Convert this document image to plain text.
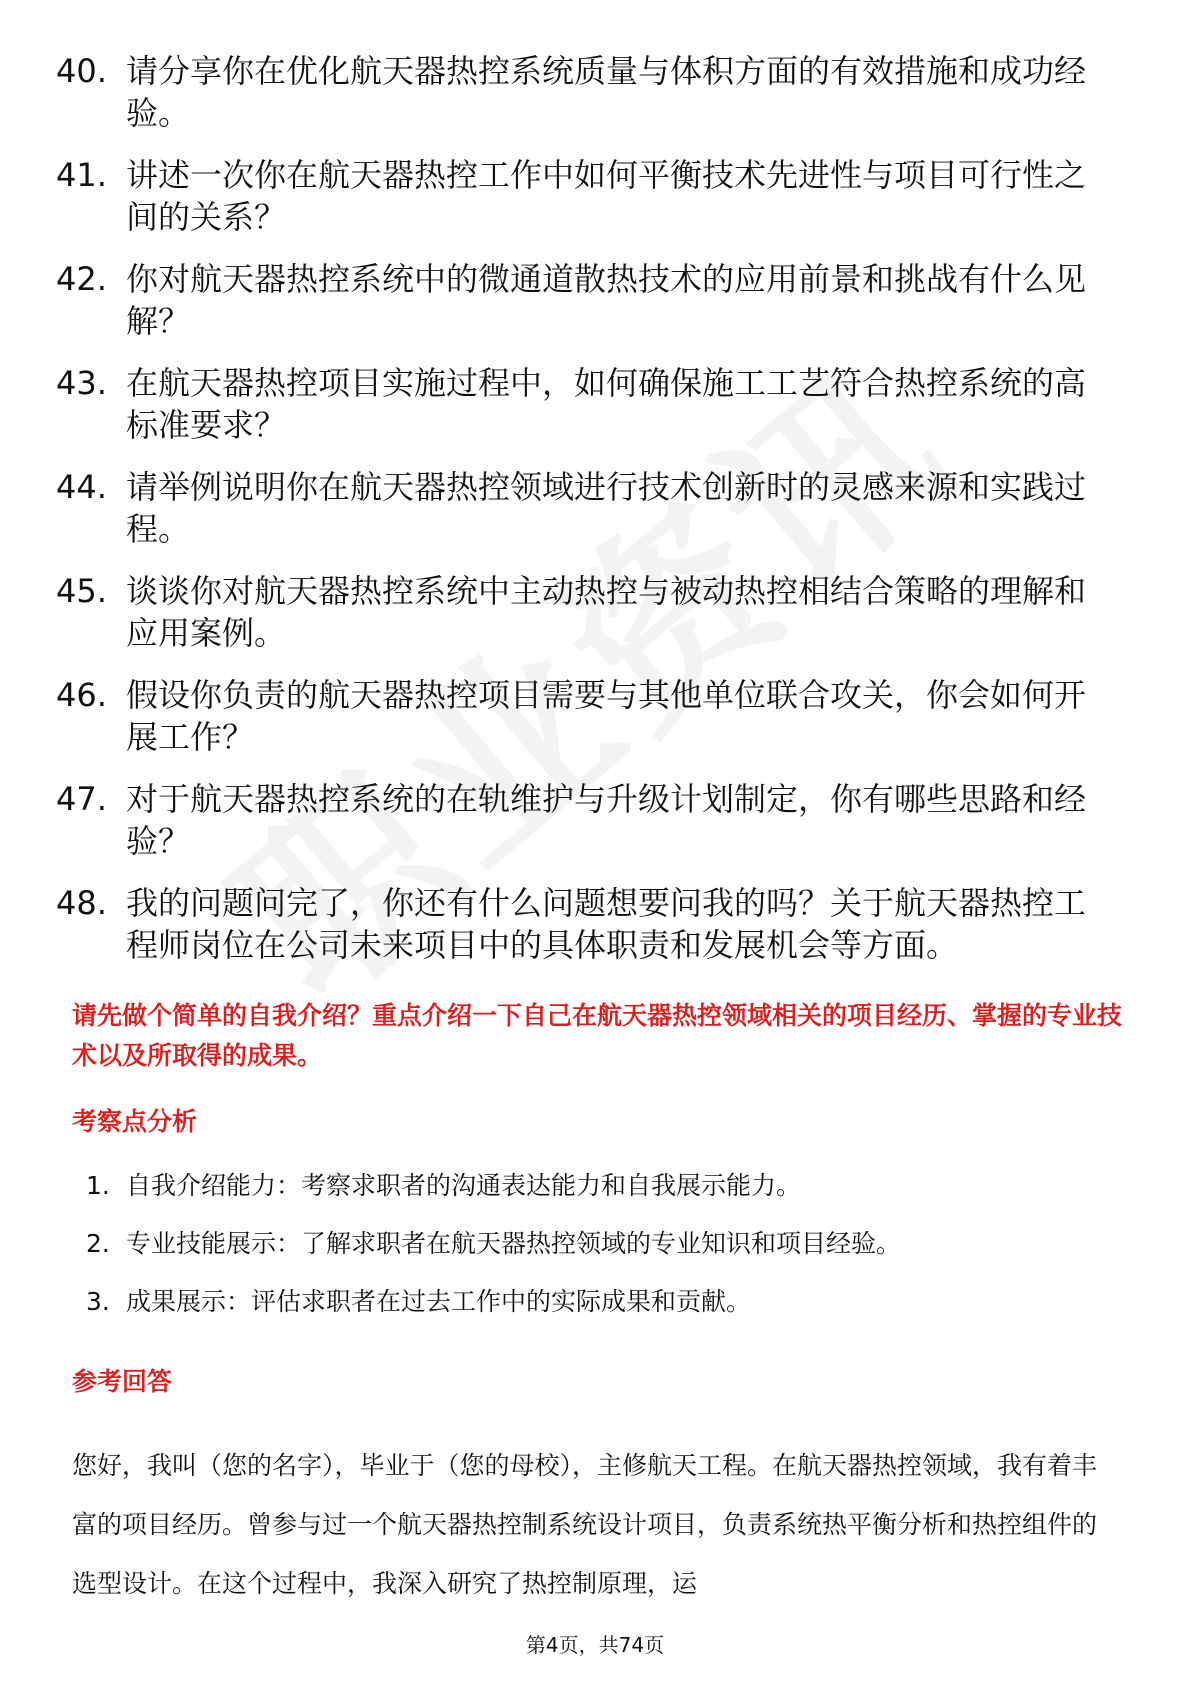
40. 请分享你在优化航天器热控系统质量与体积方面的有效措施和成功经验。
41. 讲述一次你在航天器热控工作中如何平衡技术先进性与项目可行性之间的关系？
42. 你对航天器热控系统中的微通道散热技术的应用前景和挑战有什么见解？
43. 在航天器热控项目实施过程中，如何确保施工工艺符合热控系统的高标准要求？
44. 请举例说明你在航天器热控领域进行技术创新时的灵感来源和实践过程。
45. 谈谈你对航天器热控系统中主动热控与被动热控相结合策略的理解和应用案例。
46. 假设你负责的航天器热控项目需要与其他单位联合攻关，你会如何开展工作？
47. 对于航天器热控系统的在轨维护与升级计划制定，你有哪些思路和经验？
48. 我的问题问完了，你还有什么问题想要问我的吗？关于航天器热控工程师岗位在公司未来项目中的具体职责和发展机会等方面。
请先做个简单的自我介绍？重点介绍一下自己在航天器热控领域相关的项目经历、掌握的专业技术以及所取得的成果。
考察点分析
1. 自我介绍能力：考察求职者的沟通表达能力和自我展示能力。
2. 专业技能展示：了解求职者在航天器热控领域的专业知识和项目经验。
3. 成果展示：评估求职者在过去工作中的实际成果和贡献。
参考回答

您好，我叫（您的名字），毕业于（您的母校），主修航天工程。在航天器热控领域，我有着丰富的项目经历。曾参与过一个航天器热控制系统设计项目，负责系统热平衡分析和热控组件的选型设计。在这个过程中，我深入研究了热控制原理，运

第4页，共74页
